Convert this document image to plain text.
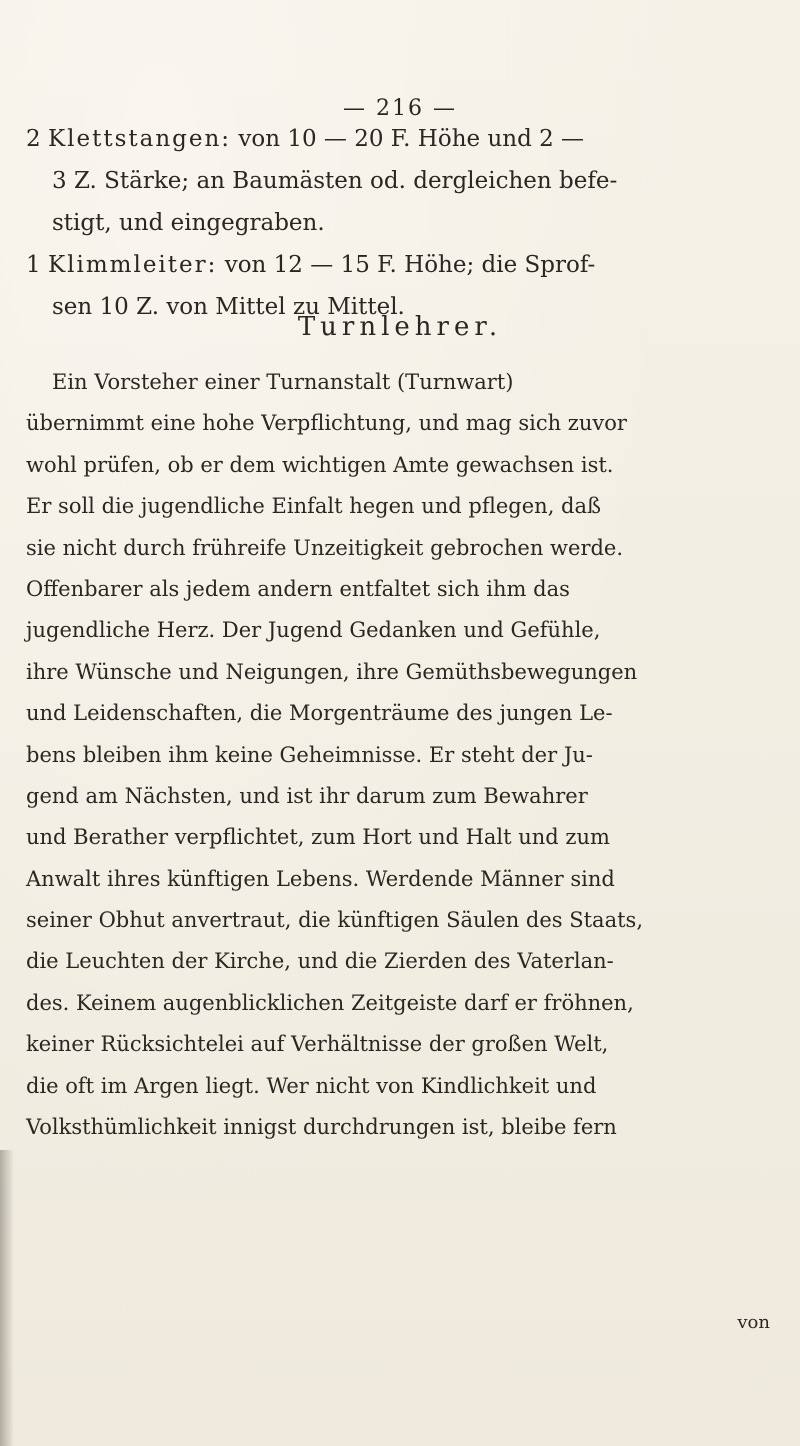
— 216 —
2 Klettstangen: von 10 — 20 F. Höhe und 2 —
3 Z. Stärke; an Baumästen od. dergleichen befe-
stigt, und eingegraben.
1 Klimmleiter: von 12 — 15 F. Höhe; die Sprof-
sen 10 Z. von Mittel zu Mittel.
Turnlehrer.
Ein Vorsteher einer Turnanstalt (Turnwart)
übernimmt eine hohe Verpflichtung, und mag sich zuvor
wohl prüfen, ob er dem wichtigen Amte gewachsen ist.
Er soll die jugendliche Einfalt hegen und pflegen, daß
sie nicht durch frühreife Unzeitigkeit gebrochen werde.
Offenbarer als jedem andern entfaltet sich ihm das
jugendliche Herz. Der Jugend Gedanken und Gefühle,
ihre Wünsche und Neigungen, ihre Gemüthsbewegungen
und Leidenschaften, die Morgenträume des jungen Le-
bens bleiben ihm keine Geheimnisse. Er steht der Ju-
gend am Nächsten, und ist ihr darum zum Bewahrer
und Berather verpflichtet, zum Hort und Halt und zum
Anwalt ihres künftigen Lebens. Werdende Männer sind
seiner Obhut anvertraut, die künftigen Säulen des Staats,
die Leuchten der Kirche, und die Zierden des Vaterlan-
des. Keinem augenblicklichen Zeitgeiste darf er fröhnen,
keiner Rücksichtelei auf Verhältnisse der großen Welt,
die oft im Argen liegt. Wer nicht von Kindlichkeit und
Volksthümlichkeit innigst durchdrungen ist, bleibe fern
von
